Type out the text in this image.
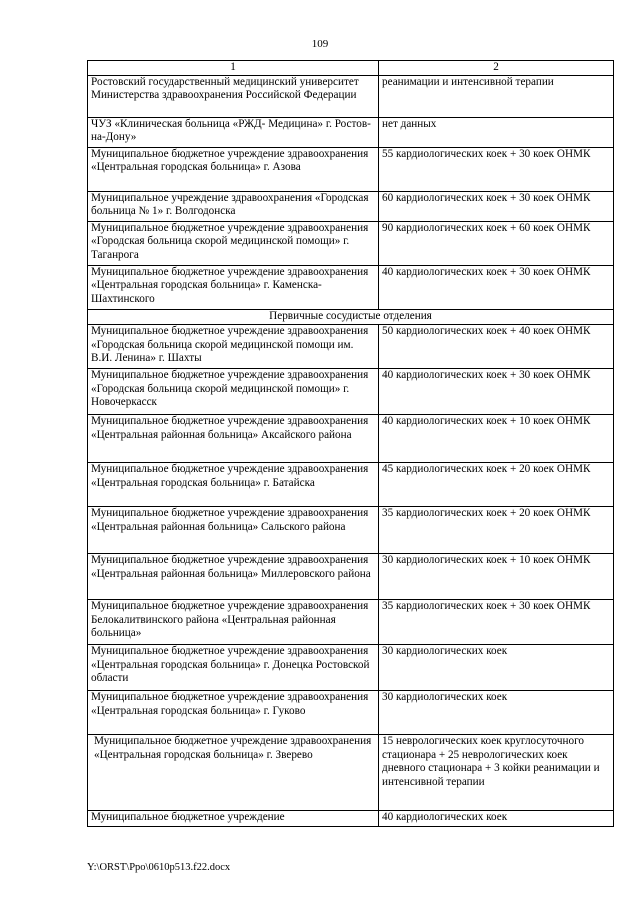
109
1	2
Ростовский государственный медицинский университет Министерства здравоохранения Российской Федерации	реанимации и интенсивной терапии
ЧУЗ «Клиническая больница «РЖД- Медицина» г. Ростов-на-Дону»	нет данных
Муниципальное бюджетное учреждение здравоохранения «Центральная городская больница» г. Азова	55 кардиологических коек + 30 коек ОНМК
Муниципальное учреждение здравоохранения «Городская больница № 1» г. Волгодонска	60 кардиологических коек + 30 коек ОНМК
Муниципальное бюджетное учреждение здравоохранения «Городская больница скорой медицинской помощи» г. Таганрога	90 кардиологических коек + 60 коек ОНМК
Муниципальное бюджетное учреждение здравоохранения «Центральная городская больница» г. Каменска-Шахтинского	40 кардиологических коек + 30 коек ОНМК
Первичные сосудистые отделения	
Муниципальное бюджетное учреждение здравоохранения «Городская больница скорой медицинской помощи им. В.И. Ленина» г. Шахты	50 кардиологических коек + 40 коек ОНМК
Муниципальное бюджетное учреждение здравоохранения «Городская больница скорой медицинской помощи» г. Новочеркасск	40 кардиологических коек + 30 коек ОНМК
Муниципальное бюджетное учреждение здравоохранения «Центральная районная больница» Аксайского района	40 кардиологических коек + 10 коек ОНМК
Муниципальное бюджетное учреждение здравоохранения «Центральная городская больница» г. Батайска	45 кардиологических коек + 20 коек ОНМК
Муниципальное бюджетное учреждение здравоохранения «Центральная районная больница» Сальского района	35 кардиологических коек + 20 коек ОНМК
Муниципальное бюджетное учреждение здравоохранения «Центральная районная больница» Миллеровского района	30 кардиологических коек + 10 коек ОНМК
Муниципальное бюджетное учреждение здравоохранения Белокалитвинского района «Центральная районная больница»	35 кардиологических коек + 30 коек ОНМК
Муниципальное бюджетное учреждение здравоохранения «Центральная городская больница» г. Донецка Ростовской области	30 кардиологических коек
Муниципальное бюджетное учреждение здравоохранения «Центральная городская больница» г. Гуково	30 кардиологических коек
Муниципальное бюджетное учреждение здравоохранения «Центральная городская больница» г. Зверево	15 неврологических коек круглосуточного стационара + 25 неврологических коек дневного стационара + 3 койки реанимации и интенсивной терапии
Муниципальное бюджетное учреждение	40 кардиологических коек
Y:\ORST\Ppo\0610p513.f22.docx
